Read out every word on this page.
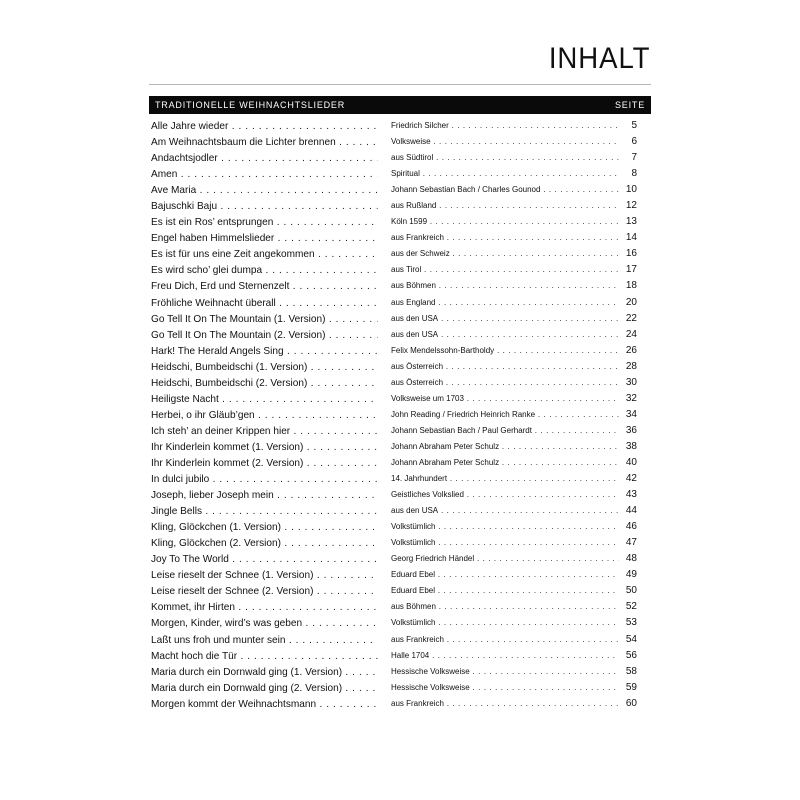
INHALT
TRADITIONELLE WEIHNACHTSLIEDER	SEITE
Alle Jahre wieder . . .	Friedrich Silcher . . .	5
Am Weihnachtsbaum die Lichter brennen . . .	Volksweise . . .	6
Andachtsjodler . . .	aus Südtirol . . .	7
Amen . . .	Spiritual . . .	8
Ave Maria . . .	Johann Sebastian Bach / Charles Gounod . . .	10
Bajuschki Baju . . .	aus Rußland . . .	12
Es ist ein Ros’ entsprungen . . .	Köln 1599 . . .	13
Engel haben Himmelslieder . . .	aus Frankreich . . .	14
Es ist für uns eine Zeit angekommen . . .	aus der Schweiz . . .	16
Es wird scho’ glei dumpa . . .	aus Tirol . . .	17
Freu Dich, Erd und Sternenzelt . . .	aus Böhmen . . .	18
Fröhliche Weihnacht überall . . .	aus England . . .	20
Go Tell It On The Mountain (1. Version) . . .	aus den USA . . .	22
Go Tell It On The Mountain (2. Version) . . .	aus den USA . . .	24
Hark! The Herald Angels Sing . . .	Felix Mendelssohn-Bartholdy . . .	26
Heidschi, Bumbeidschi (1. Version) . . .	aus Österreich . . .	28
Heidschi, Bumbeidschi (2. Version) . . .	aus Österreich . . .	30
Heiligste Nacht . . .	Volksweise um 1703 . . .	32
Herbei, o ihr Gläub’gen . . .	John Reading / Friedrich Heinrich Ranke . . .	34
Ich steh’ an deiner Krippen hier . . .	Johann Sebastian Bach / Paul Gerhardt . . .	36
Ihr Kinderlein kommet (1. Version) . . .	Johann Abraham Peter Schulz . . .	38
Ihr Kinderlein kommet (2. Version) . . .	Johann Abraham Peter Schulz . . .	40
In dulci jubilo . . .	14. Jahrhundert . . .	42
Joseph, lieber Joseph mein . . .	Geistliches Volkslied . . .	43
Jingle Bells . . .	aus den USA . . .	44
Kling, Glöckchen (1. Version) . . .	Volkstümlich . . .	46
Kling, Glöckchen (2. Version) . . .	Volkstümlich . . .	47
Joy To The World . . .	Georg Friedrich Händel . . .	48
Leise rieselt der Schnee (1. Version) . . .	Eduard Ebel . . .	49
Leise rieselt der Schnee (2. Version) . . .	Eduard Ebel . . .	50
Kommet, ihr Hirten . . .	aus Böhmen . . .	52
Morgen, Kinder, wird’s was geben . . .	Volkstümlich . . .	53
Laßt uns froh und munter sein . . .	aus Frankreich . . .	54
Macht hoch die Tür . . .	Halle 1704 . . .	56
Maria durch ein Dornwald ging (1. Version) . . .	Hessische Volksweise . . .	58
Maria durch ein Dornwald ging (2. Version) . . .	Hessische Volksweise . . .	59
Morgen kommt der Weihnachtsmann . . .	aus Frankreich . . .	60
